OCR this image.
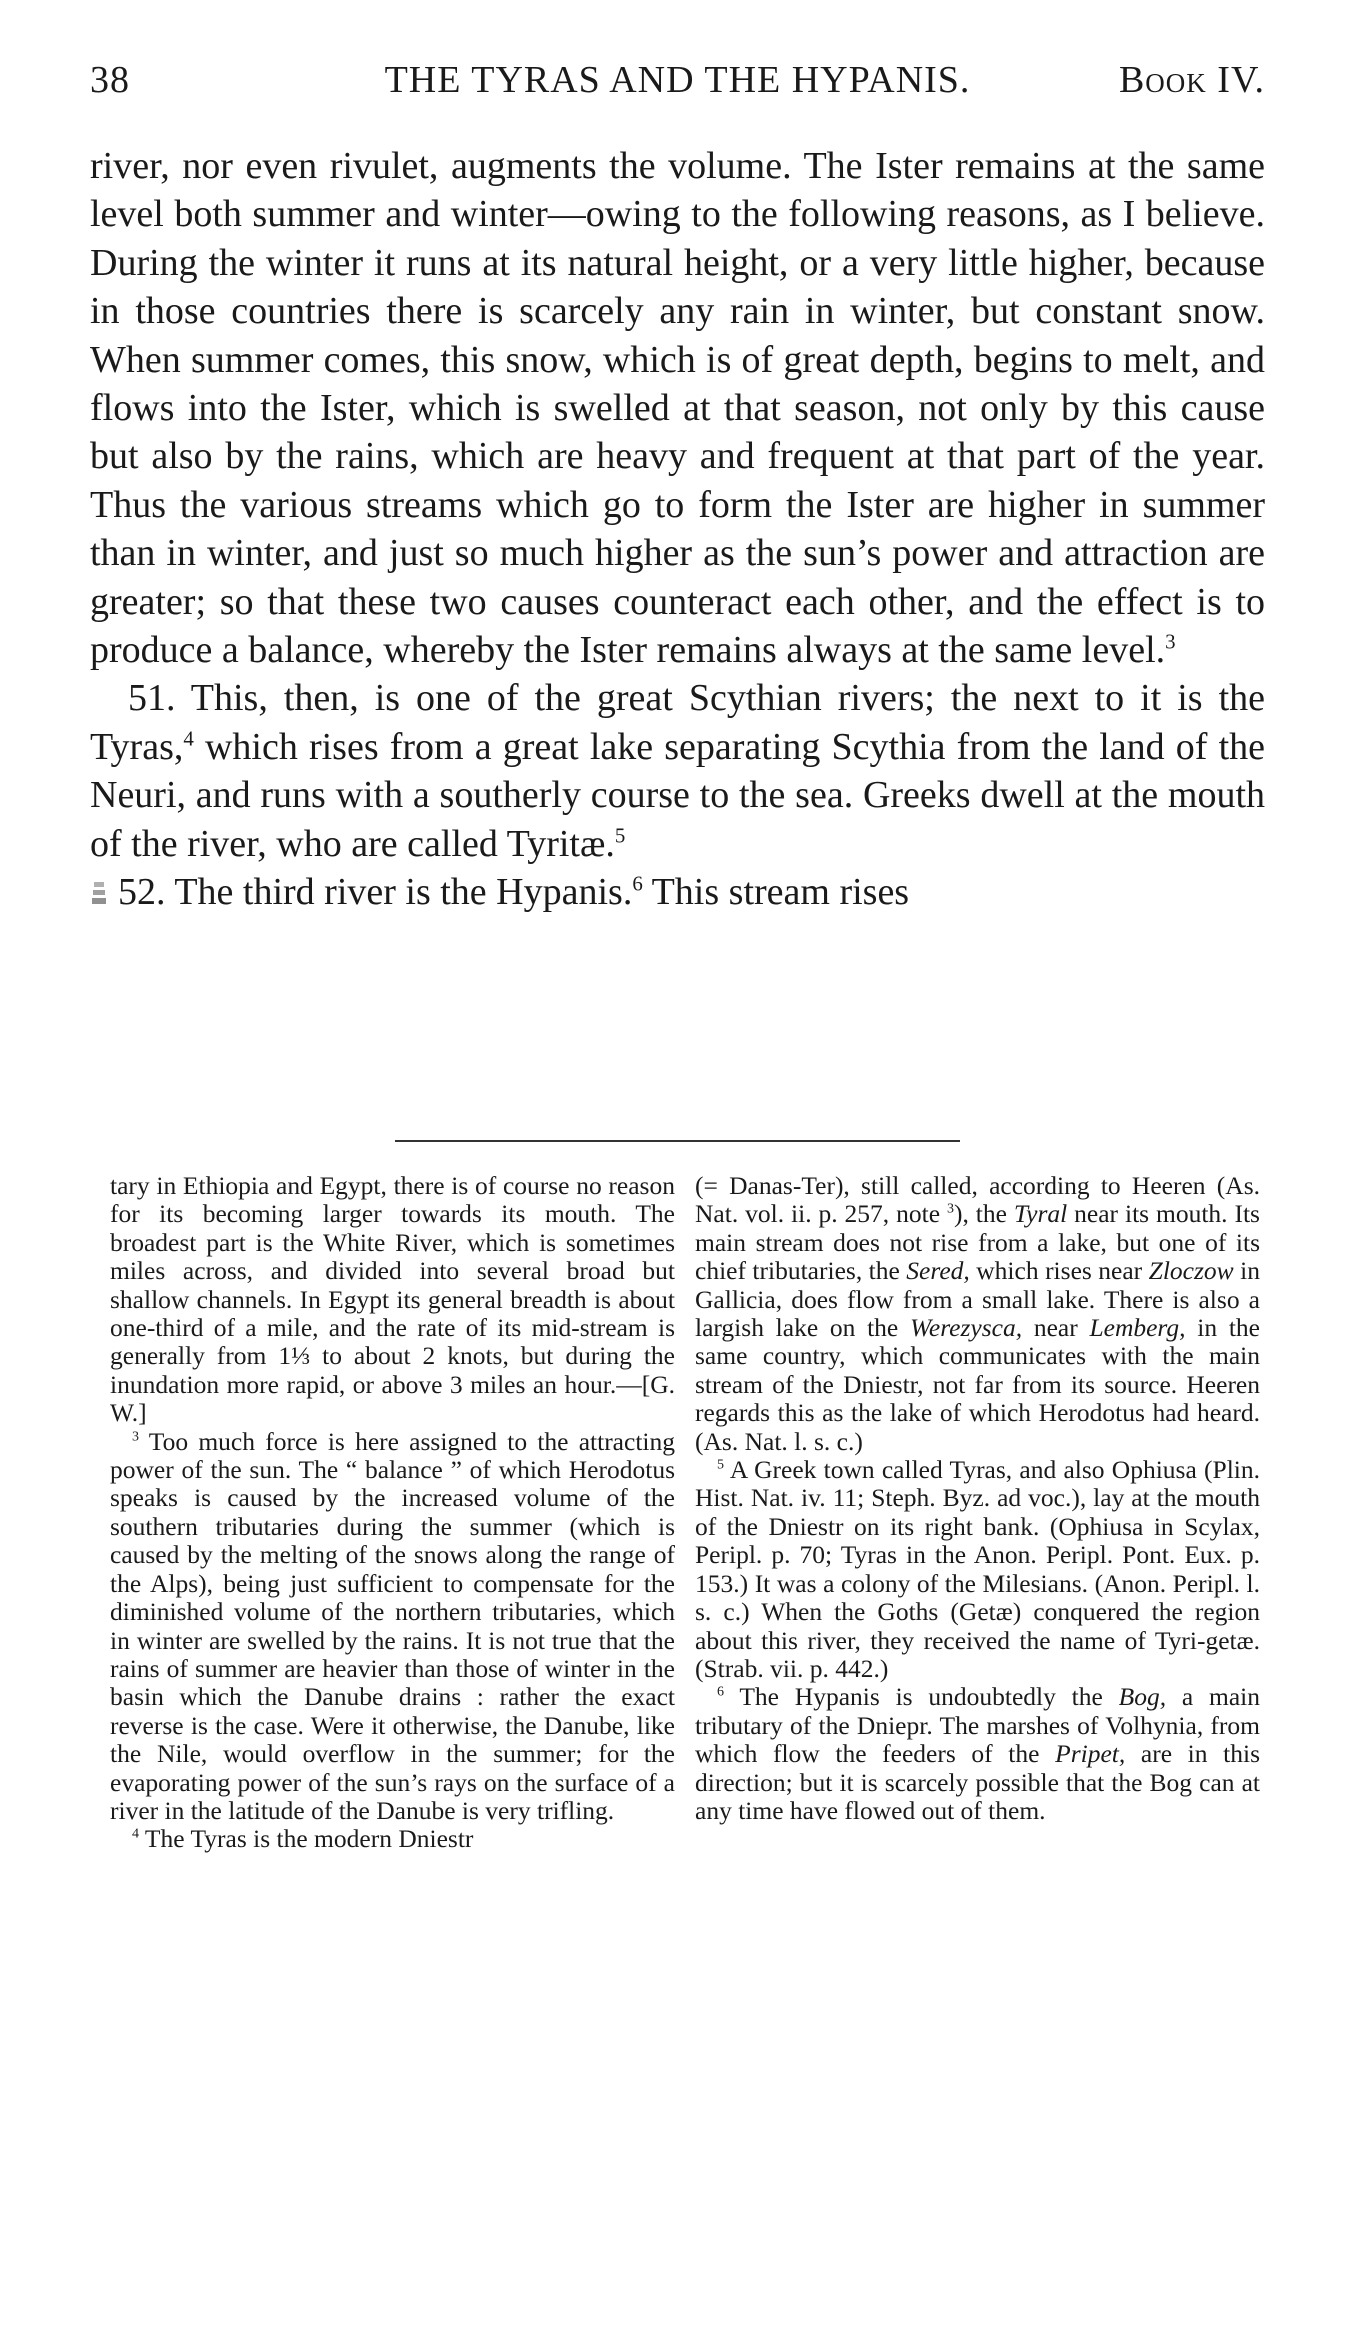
38	THE TYRAS AND THE HYPANIS.	Book IV.

river, nor even rivulet, augments the volume. The Ister remains at the same level both summer and winter—owing to the following reasons, as I believe. During the winter it runs at its natural height, or a very little higher, because in those countries there is scarcely any rain in winter, but constant snow. When summer comes, this snow, which is of great depth, begins to melt, and flows into the Ister, which is swelled at that season, not only by this cause but also by the rains, which are heavy and frequent at that part of the year. Thus the various streams which go to form the Ister are higher in summer than in winter, and just so much higher as the sun’s power and attraction are greater; so that these two causes counteract each other, and the effect is to produce a balance, whereby the Ister remains always at the same level.$^3$

 51. This, then, is one of the great Scythian rivers; the next to it is the Tyras,$^4$ which rises from a great lake separating Scythia from the land of the Neuri, and runs with a southerly course to the sea. Greeks dwell at the mouth of the river, who are called Tyritæ.$^5$

52. The third river is the Hypanis.$^6$ This stream rises

tary in Ethiopia and Egypt, there is of course no reason for its becoming larger towards its mouth. The broadest part is the White River, which is sometimes miles across, and divided into several broad but shallow channels. In Egypt its general breadth is about one-third of a mile, and the rate of its mid-stream is generally from 1⅓ to about 2 knots, but during the inundation more rapid, or above 3 miles an hour.—[G. W.]

$^3$ Too much force is here assigned to the attracting power of the sun. The “ balance ” of which Herodotus speaks is caused by the increased volume of the southern tributaries during the summer (which is caused by the melting of the snows along the range of the Alps), being just sufficient to compensate for the diminished volume of the northern tributaries, which in winter are swelled by the rains. It is not true that the rains of summer are heavier than those of winter in the basin which the Danube drains : rather the exact reverse is the case. Were it otherwise, the Danube, like the Nile, would overflow in the summer; for the evaporating power of the sun’s rays on the surface of a river in the latitude of the Danube is very trifling.

$^4$ The Tyras is the modern Dniestr

(= Danas-Ter), still called, according to Heeren (As. Nat. vol. ii. p. 257, note $^3$), the Tyral near its mouth. Its main stream does not rise from a lake, but one of its chief tributaries, the Sered, which rises near Zloczow in Gallicia, does flow from a small lake. There is also a largish lake on the Werezysca, near Lemberg, in the same country, which communicates with the main stream of the Dniestr, not far from its source. Heeren regards this as the lake of which Herodotus had heard. (As. Nat. l. s. c.)

$^5$ A Greek town called Tyras, and also Ophiusa (Plin. Hist. Nat. iv. 11; Steph. Byz. ad voc.), lay at the mouth of the Dniestr on its right bank. (Ophiusa in Scylax, Peripl. p. 70; Tyras in the Anon. Peripl. Pont. Eux. p. 153.) It was a colony of the Milesians. (Anon. Peripl. l. s. c.) When the Goths (Getæ) conquered the region about this river, they received the name of Tyri-getæ. (Strab. vii. p. 442.)

$^6$ The Hypanis is undoubtedly the Bog, a main tributary of the Dniepr. The marshes of Volhynia, from which flow the feeders of the Pripet, are in this direction; but it is scarcely possible that the Bog can at any time have flowed out of them.
